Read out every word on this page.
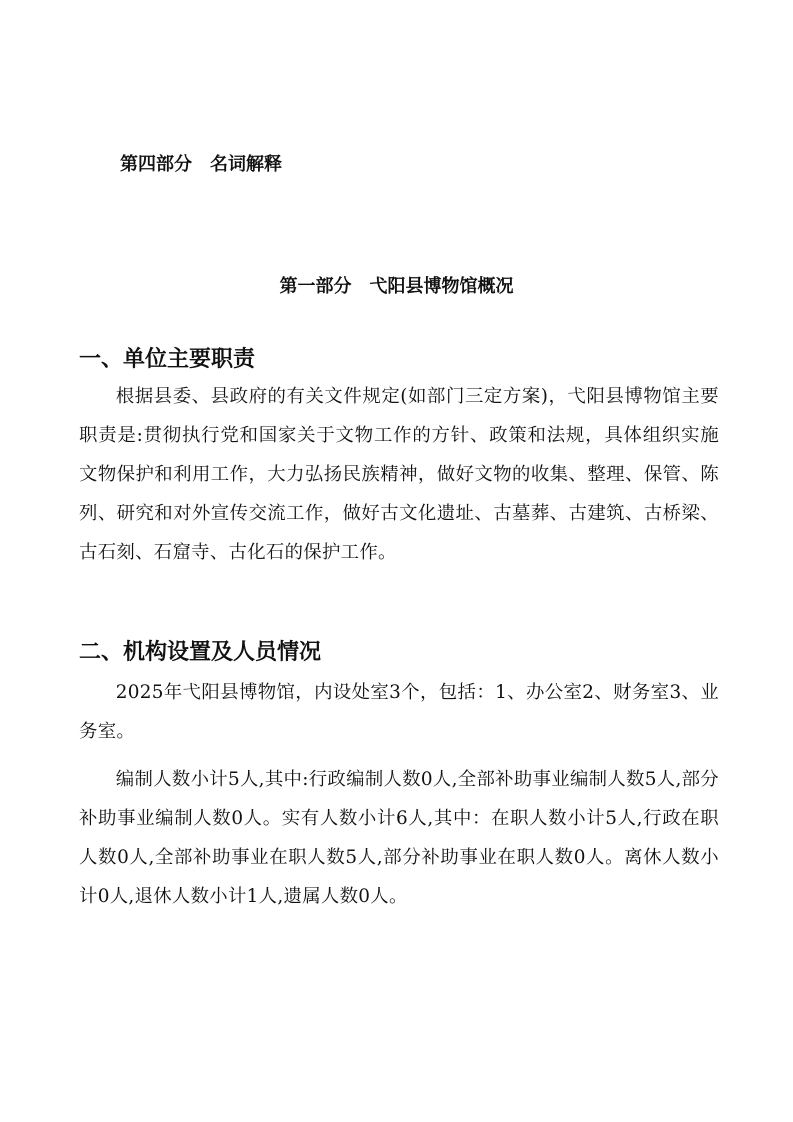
第四部分　名词解释

第一部分　弋阳县博物馆概况

一、单位主要职责

根据县委、县政府的有关文件规定(如部门三定方案)，弋阳县博物馆主要职责是:贯彻执行党和国家关于文物工作的方针、政策和法规，具体组织实施文物保护和利用工作，大力弘扬民族精神，做好文物的收集、整理、保管、陈列、研究和对外宣传交流工作，做好古文化遗址、古墓葬、古建筑、古桥梁、古石刻、石窟寺、古化石的保护工作。

二、机构设置及人员情况

2025年弋阳县博物馆，内设处室3个，包括：1、办公室2、财务室3、业务室。

编制人数小计5人,其中:行政编制人数0人,全部补助事业编制人数5人,部分补助事业编制人数0人。实有人数小计6人,其中：在职人数小计5人,行政在职人数0人,全部补助事业在职人数5人,部分补助事业在职人数0人。离休人数小计0人,退休人数小计1人,遗属人数0人。
